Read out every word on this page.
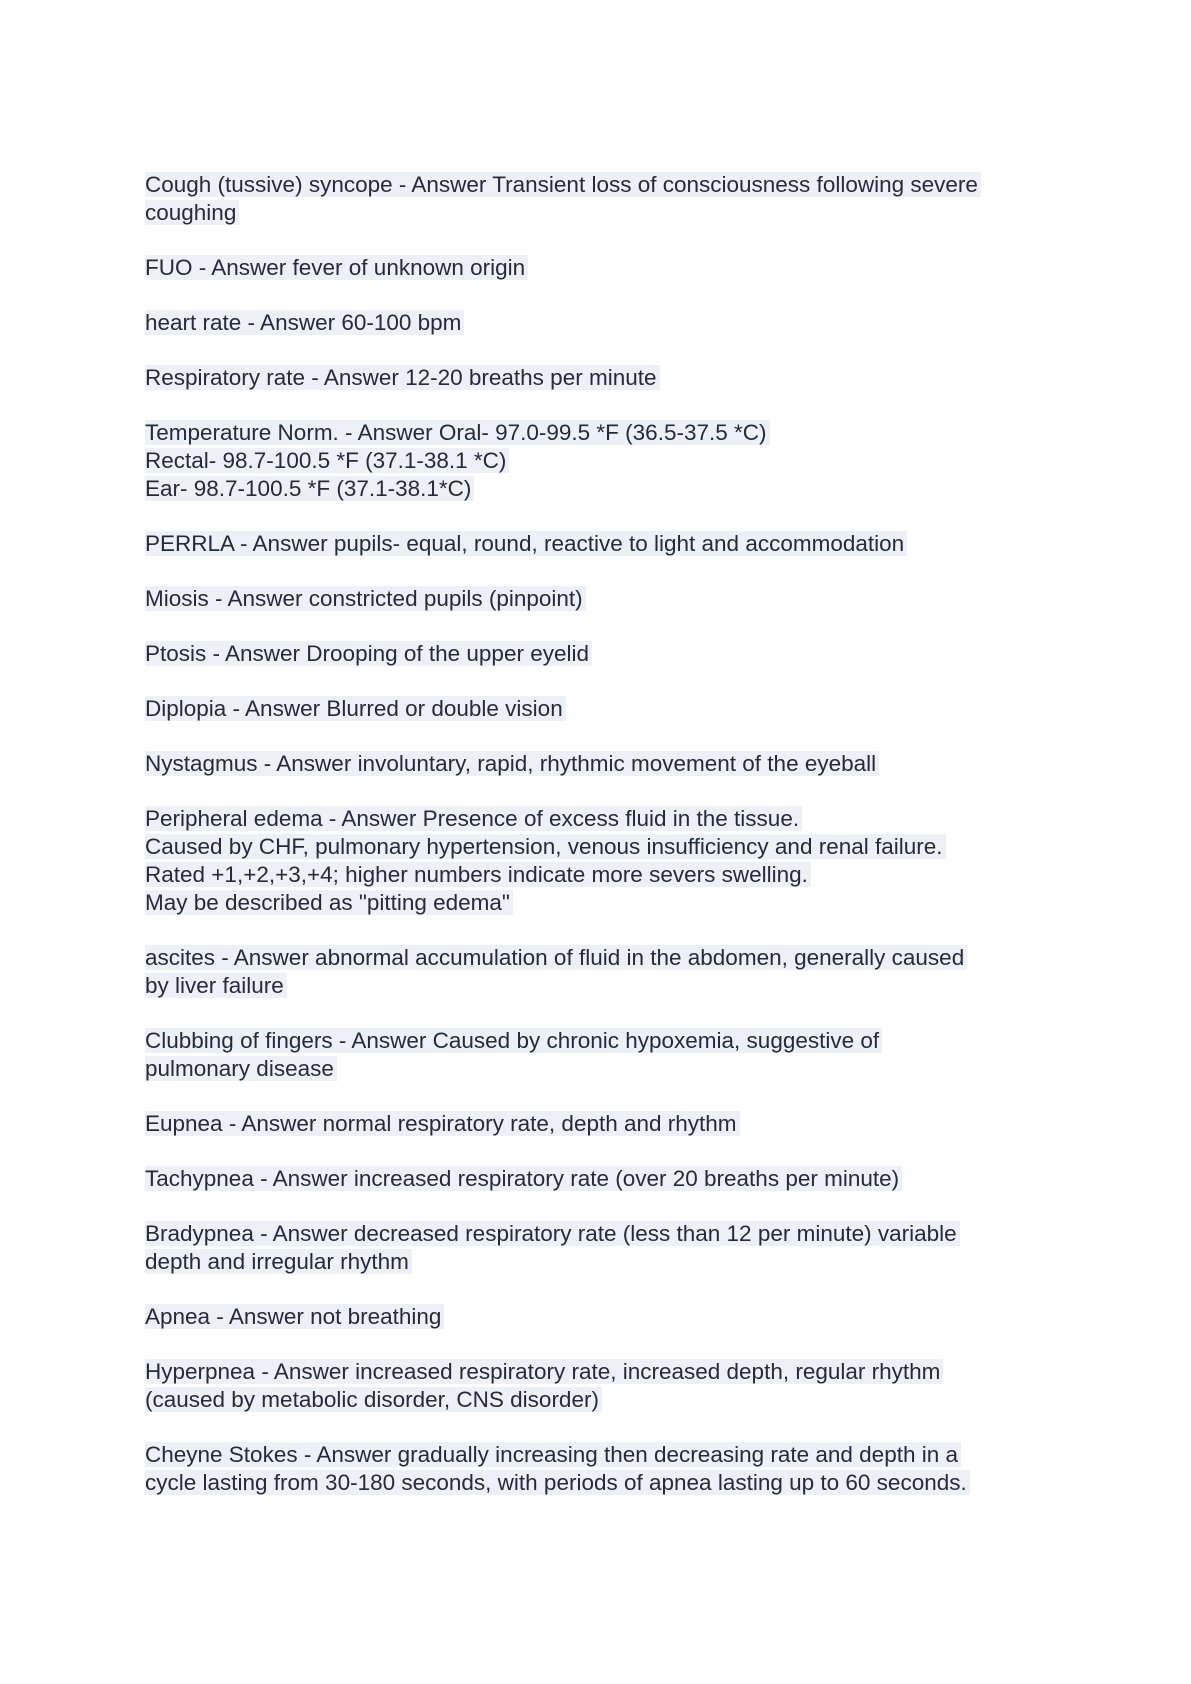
Cough (tussive) syncope - Answer Transient loss of consciousness following severe
coughing
FUO - Answer fever of unknown origin
heart rate - Answer 60-100 bpm
Respiratory rate - Answer 12-20 breaths per minute
Temperature Norm. - Answer Oral- 97.0-99.5 *F (36.5-37.5 *C)
Rectal- 98.7-100.5 *F (37.1-38.1 *C)
Ear- 98.7-100.5 *F (37.1-38.1*C)
PERRLA - Answer pupils- equal, round, reactive to light and accommodation
Miosis - Answer constricted pupils (pinpoint)
Ptosis - Answer Drooping of the upper eyelid
Diplopia - Answer Blurred or double vision
Nystagmus - Answer involuntary, rapid, rhythmic movement of the eyeball
Peripheral edema - Answer Presence of excess fluid in the tissue.
Caused by CHF, pulmonary hypertension, venous insufficiency and renal failure.
Rated +1,+2,+3,+4; higher numbers indicate more severs swelling.
May be described as "pitting edema"
ascites - Answer abnormal accumulation of fluid in the abdomen, generally caused
by liver failure
Clubbing of fingers - Answer Caused by chronic hypoxemia, suggestive of
pulmonary disease
Eupnea - Answer normal respiratory rate, depth and rhythm
Tachypnea - Answer increased respiratory rate (over 20 breaths per minute)
Bradypnea - Answer decreased respiratory rate (less than 12 per minute) variable
depth and irregular rhythm
Apnea - Answer not breathing
Hyperpnea - Answer increased respiratory rate, increased depth, regular rhythm
(caused by metabolic disorder, CNS disorder)
Cheyne Stokes - Answer gradually increasing then decreasing rate and depth in a
cycle lasting from 30-180 seconds, with periods of apnea lasting up to 60 seconds.
